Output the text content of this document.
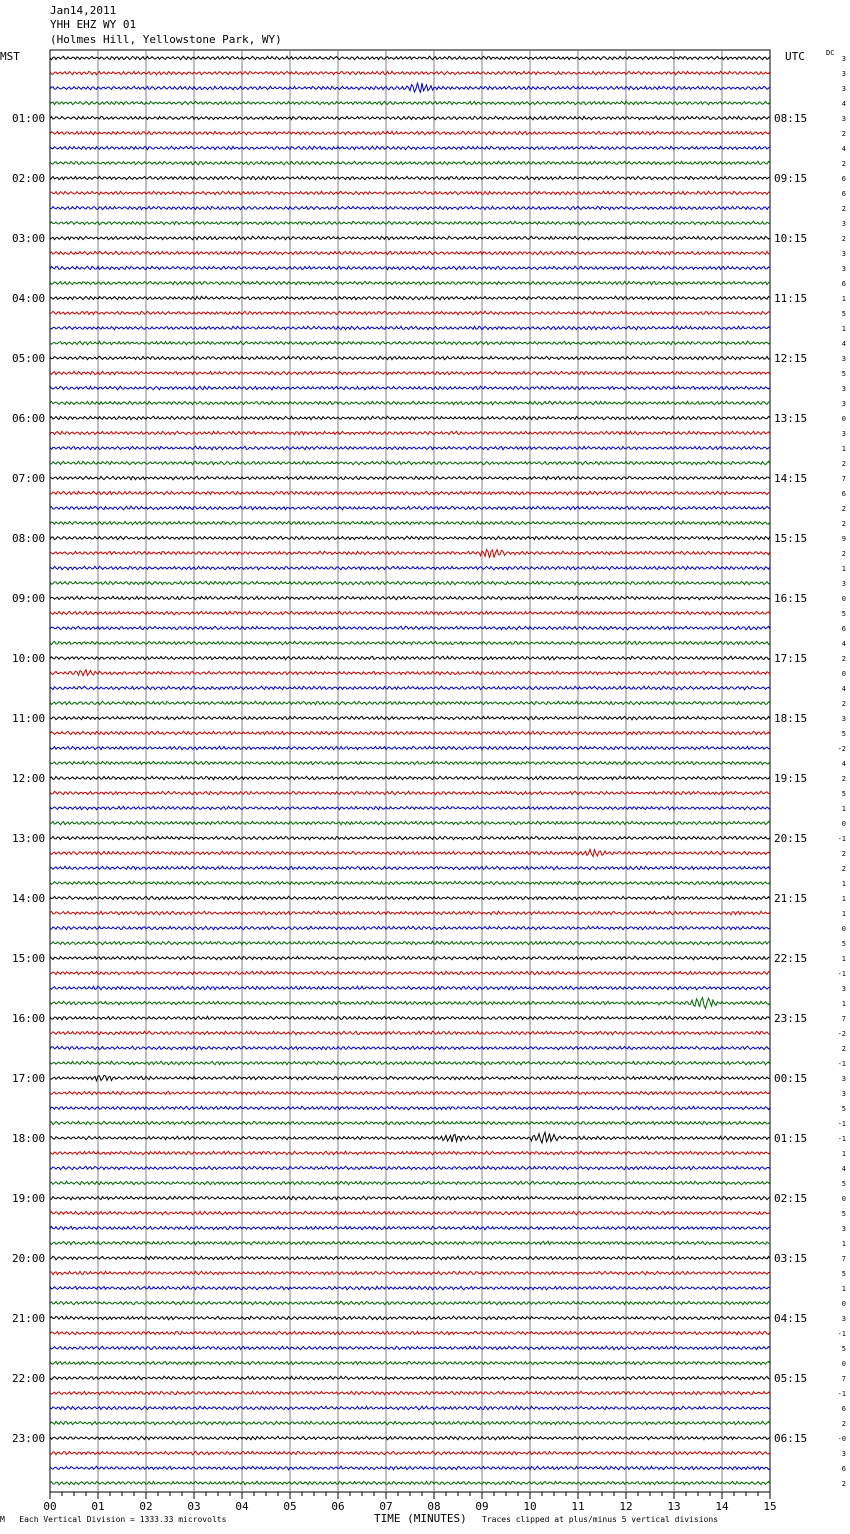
Jan14,2011
YHH EHZ WY 01
(Holmes Hill, Yellowstone Park, WY)
MST	UTC	DC
3
3
3
4
3
2
4
2
6
6
2
3
2
3
3
6
1
5
1
4
3
5
3
3
0
3
1
2
7
6
2
2
9
2
1
3
0
5
6
4
2
0
4
2
3
5
-2
4
2
5
1
0
-1
2
2
1
1
1
0
5
1
-1
3
1
7
-2
2
-1
3
3
5
-1
-1
1
4
5
0
5
3
1
7
5
1
0
3
-1
5
0
7
-1
6
2
-0
3
6
2
01:00
02:00
03:00
04:00
05:00
06:00
07:00
08:00
09:00
10:00
11:00
12:00
13:00
14:00
15:00
16:00
17:00
18:00
19:00
20:00
21:00
22:00
23:00
08:15
09:15
10:15
11:15
12:15
13:15
14:15
15:15
16:15
17:15
18:15
19:15
20:15
21:15
22:15
23:15
00:15
01:15
02:15
03:15
04:15
05:15
06:15
00	01	02	03	04	05	06	07	08	09	10	11	12	13	14	15
M Each Vertical Division = 1333.33 microvolts	TIME (MINUTES) Traces clipped at plus/minus 5 vertical divisions
